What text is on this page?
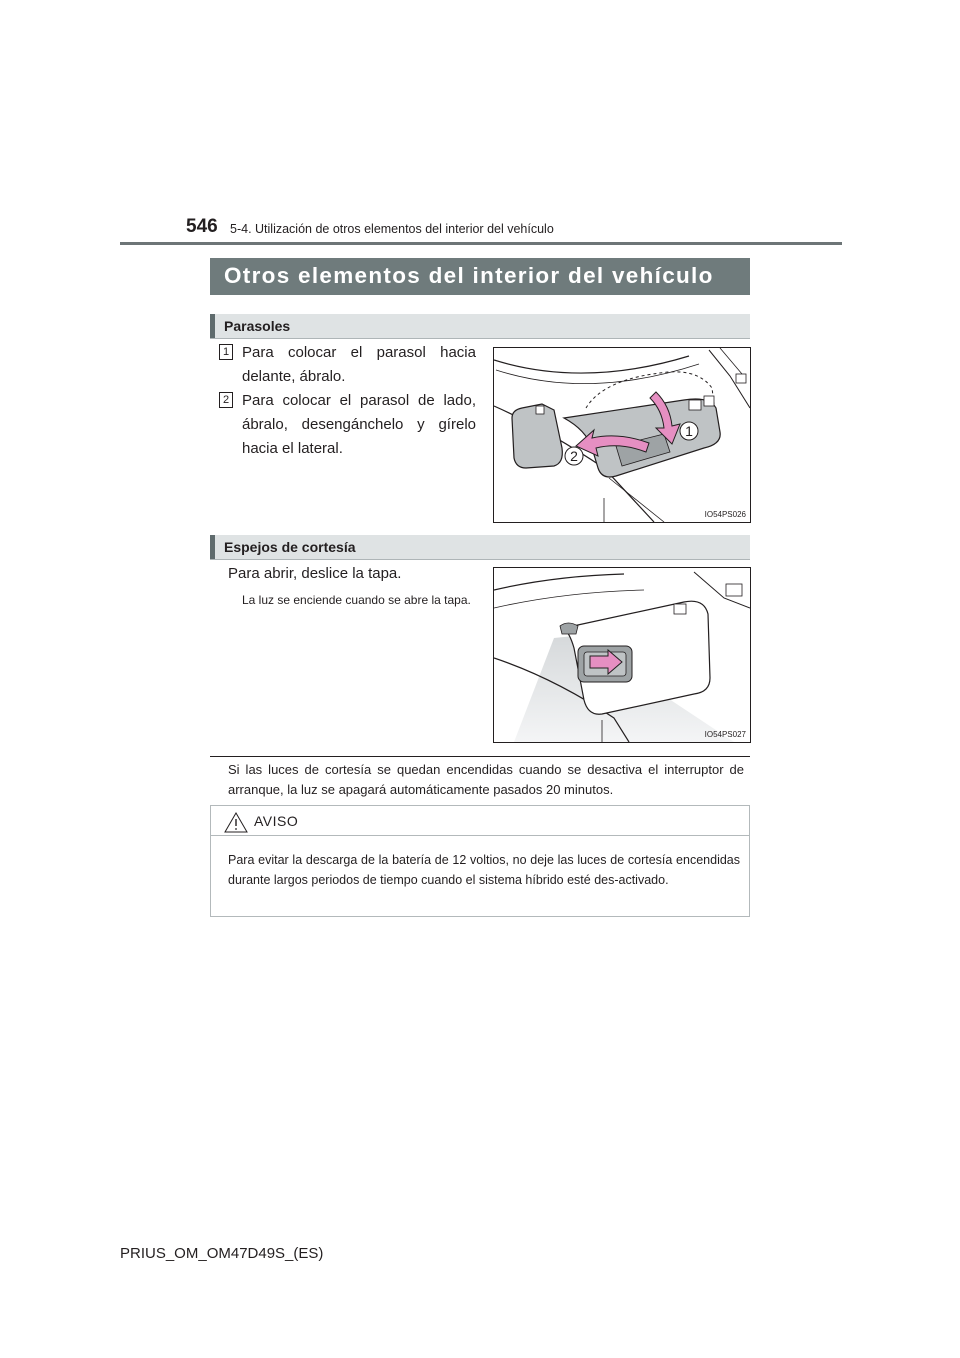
546 5-4. Utilización de otros elementos del interior del vehículo
Otros elementos del interior del vehículo
Parasoles
1 Para colocar el parasol hacia delante, ábralo.
2 Para colocar el parasol de lado, ábralo, desengánchelo y gírelo hacia el lateral.
1
2
IO54PS026
Espejos de cortesía
Para abrir, deslice la tapa.
La luz se enciende cuando se abre la tapa.
IO54PS027
Si las luces de cortesía se quedan encendidas cuando se desactiva el interruptor de arranque, la luz se apagará automáticamente pasados 20 minutos.
AVISO
Para evitar la descarga de la batería de 12 voltios, no deje las luces de cortesía encendidas durante largos periodos de tiempo cuando el sistema híbrido esté des-activado.
PRIUS_OM_OM47D49S_(ES)
